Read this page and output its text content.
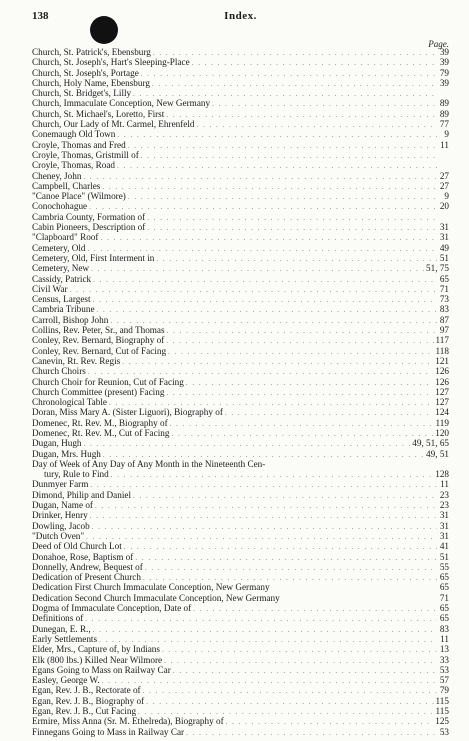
138	Index.
Page.
Church, St. Patrick's, Ebensburg . . .	39
Church, St. Joseph's, Hart's Sleeping-Place . . .	39
Church, St. Joseph's, Portage . . .	79
Church, Holy Name, Ebensburg . . .	39
Church, St. Bridget's, Lilly
. . .
Church, Immaculate Conception, New Germany . . .	89
Church, St. Michael's, Loretto, First . . .	89
Church, Our Lady of Mt. Carmel, Ehrenfeld . . .	77
Conemaugh Old Town . . .	9
Croyle, Thomas and Fred . . .	11
Croyle, Thomas, Gristmill of
. . .
Croyle, Thomas, Road
. . .
Cheney, John . . .	27
Campbell, Charles . . .	27
"Canoe Place" (Wilmore) . . .	9
Conochohague . . .	20
Cambria County, Formation of
. . .
Cabin Pioneers, Description of . . .	31
"Clapboard" Roof . . .	31
Cemetery, Old . . .	49
Cemetery, Old, First Interment in . . .	51
Cemetery, New . . .	51, 75
Cassidy, Patrick . . .	65
Civil War . . .	71
Census, Largest . . .	73
Cambria Tribune . . .	83
Carroll, Bishop John . . .	87
Collins, Rev. Peter, Sr., and Thomas . . .	97
Conley, Rev. Bernard, Biography of . . .	117
Conley, Rev. Bernard, Cut of Facing . . .	118
Canevin, Rt. Rev. Regis . . .	121
Church Choirs . . .	126
Church Choir for Reunion, Cut of Facing . . .	126
Church Committee (present) Facing . . .	127
Chronological Table . . .	127
Doran, Miss Mary A. (Sister Liguori), Biography of . . .	124
Domenec, Rt. Rev. M., Biography of . . .	119
Domenec, Rt. Rev. M., Cut of Facing . . .	120
Dugan, Hugh . . .	49, 51, 65
Dugan, Mrs. Hugh . . .	49, 51
Day of Week of Any Day of Any Month in the Nineteenth Cen-
tury, Rule to Find . . .	128
Dunmyer Farm . . .	11
Dimond, Philip and Daniel . . .	23
Dugan, Name of . . .	23
Drinker, Henry . . .	31
Dowling, Jacob . . .	31
"Dutch Oven" . . .	31
Deed of Old Church Lot . . .	41
Donahoe, Rose, Baptism of . . .	51
Donnelly, Andrew, Bequest of . . .	55
Dedication of Present Church . . .	65
Dedication First Church Immaculate Conception, New Germany	65
Dedication Second Church Immaculate Conception, New Germany	71
Dogma of Immaculate Conception, Date of . . .	65
Definitions of . . .	65
Dunegan, E. R., . . .	83
Early Settlements . . .	11
Elder, Mrs., Capture of, by Indians . . .	13
Elk (800 lbs.) Killed Near Wilmore . . .	33
Egans Going to Mass on Railway Car . . .	53
Easley, George W. . . .	57
Egan, Rev. J. B., Rectorate of . . .	79
Egan, Rev. J. B., Biography of . . .	115
Egan, Rev. J. B., Cut Facing . . .	115
Ermire, Miss Anna (Sr. M. Ethelreda), Biography of . . .	125
Finnegans Going to Mass in Railway Car . . .	53
